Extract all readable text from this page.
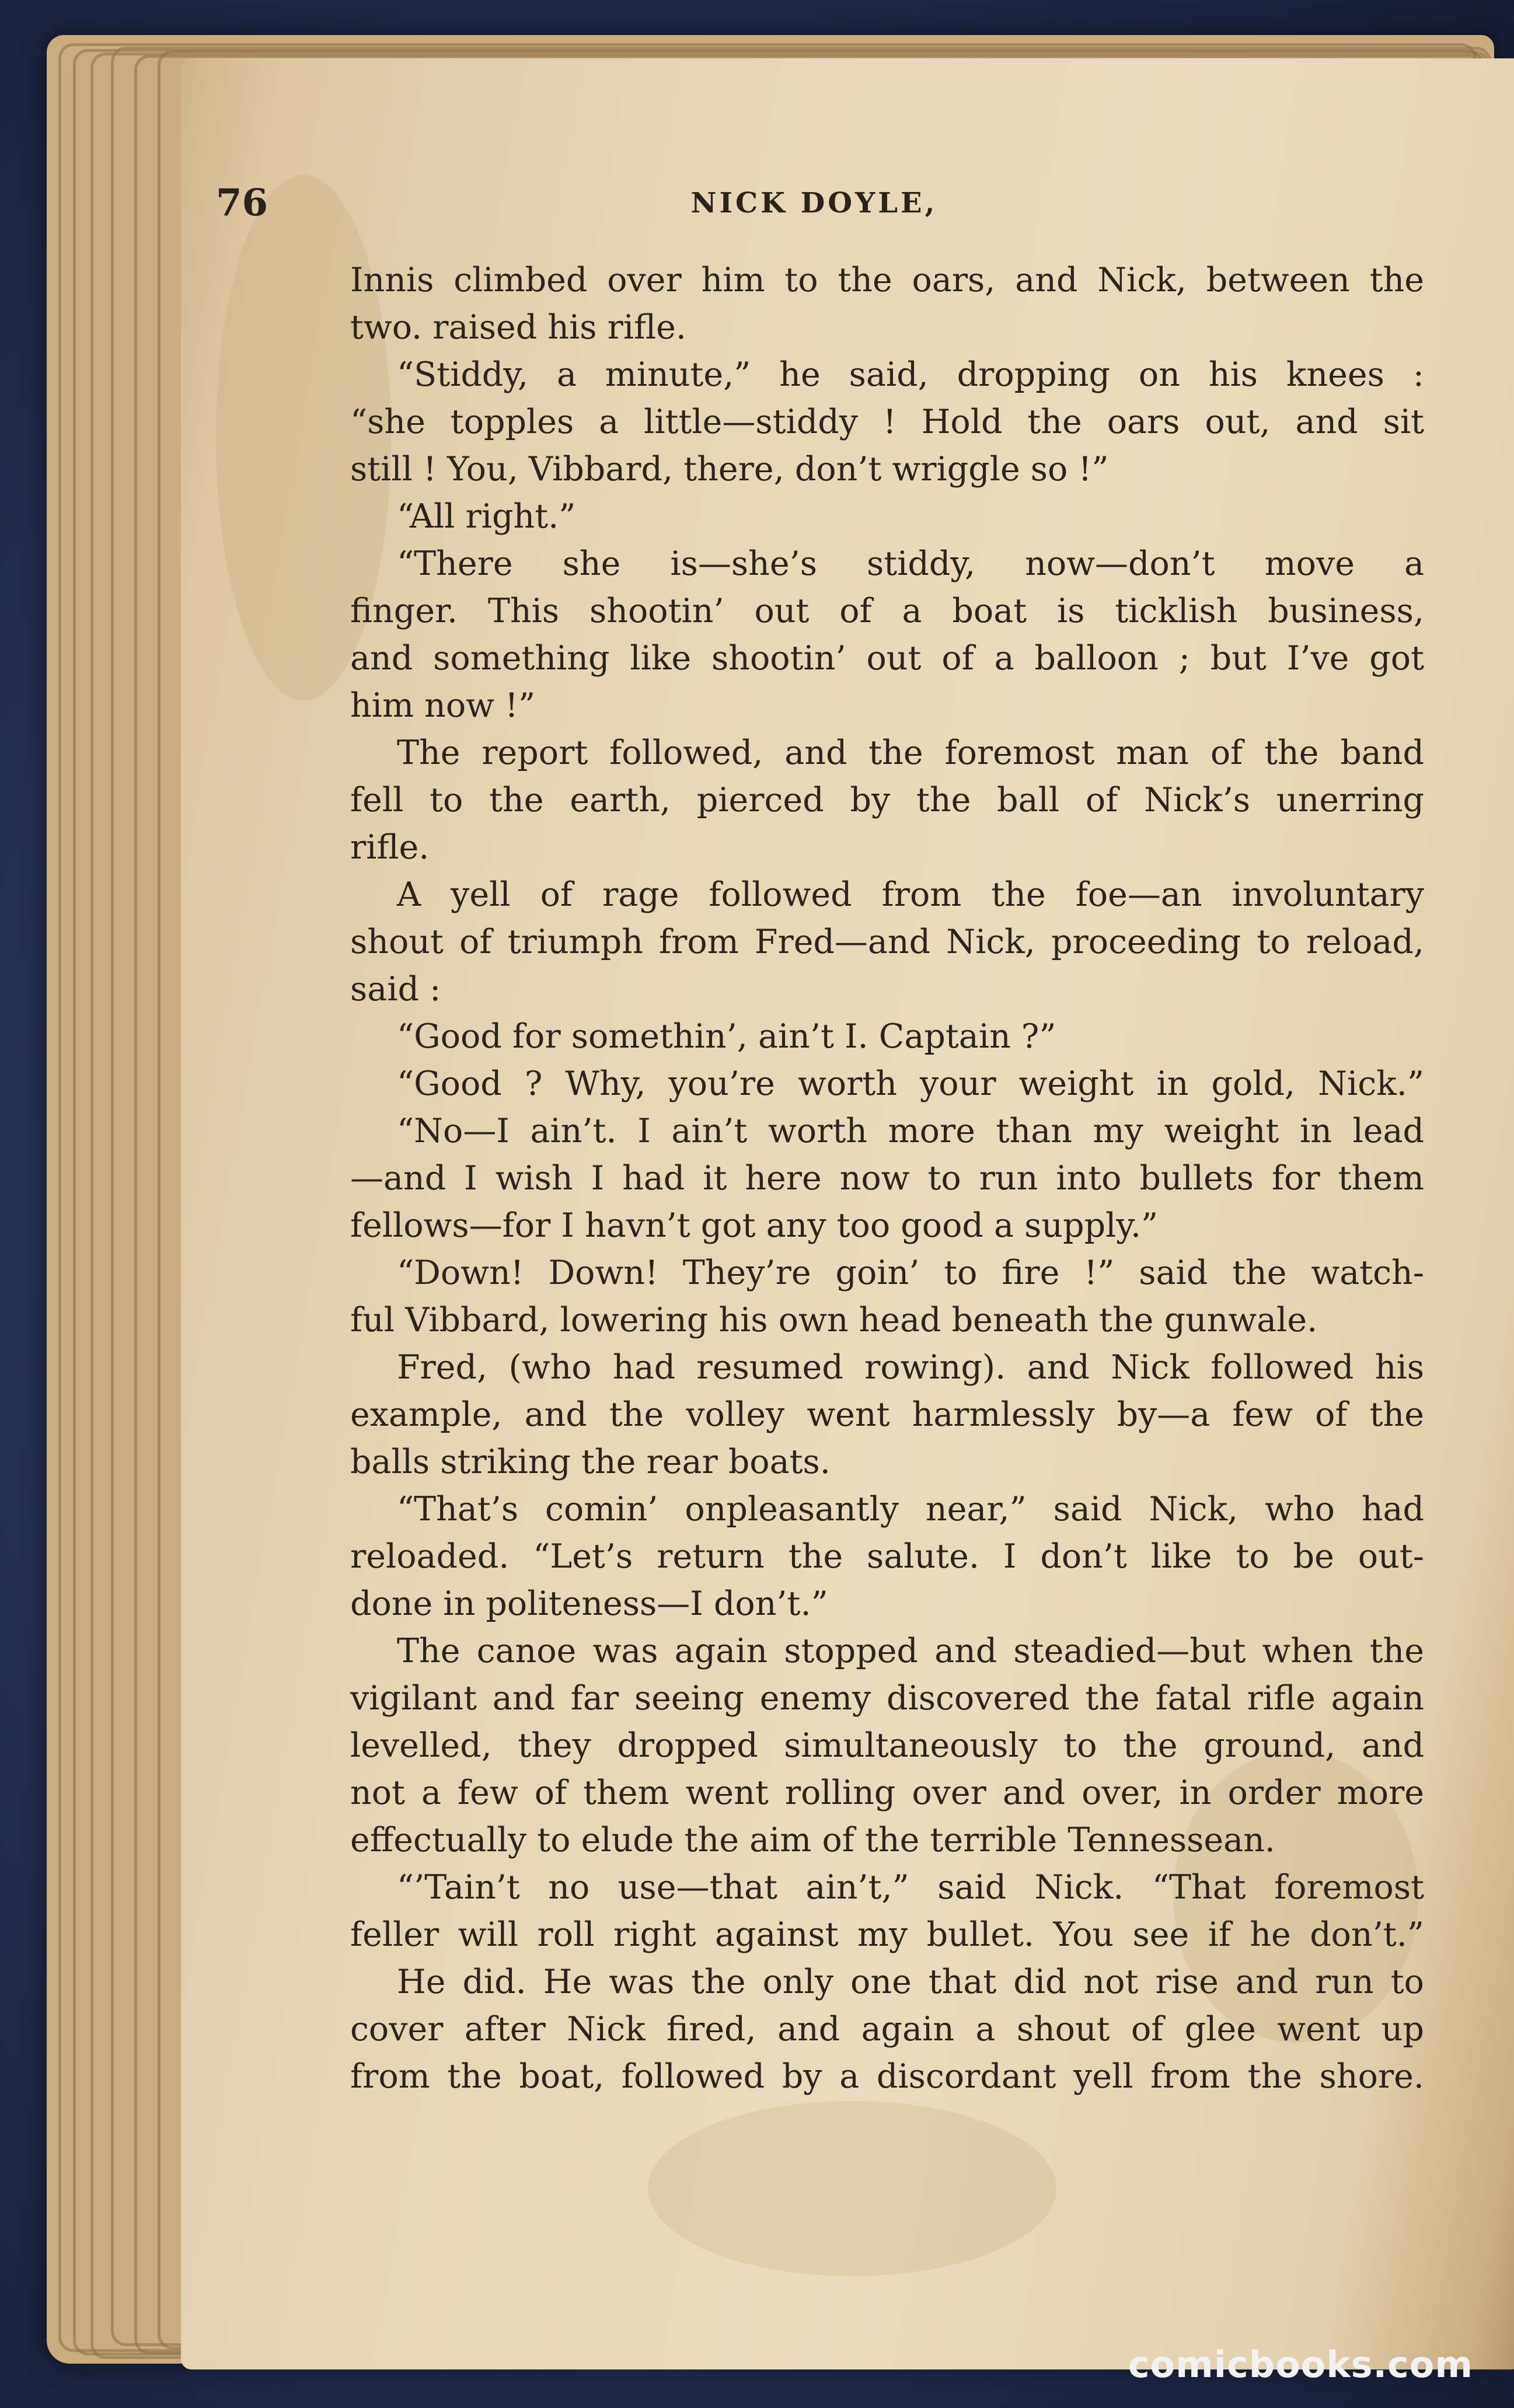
76	NICK DOYLE,
Innis climbed over him to the oars, and Nick, between the
two. raised his rifle.
“Stiddy, a minute,” he said, dropping on his knees :
“she topples a little—stiddy ! Hold the oars out, and sit
still ! You, Vibbard, there, don’t wriggle so !”
“All right.”
“There she is—she’s stiddy, now—don’t move a
finger. This shootin’ out of a boat is ticklish business,
and something like shootin’ out of a balloon ; but I’ve got
him now !”
The report followed, and the foremost man of the band
fell to the earth, pierced by the ball of Nick’s unerring
rifle.
A yell of rage followed from the foe—an involuntary
shout of triumph from Fred—and Nick, proceeding to reload,
said :
“Good for somethin’, ain’t I. Captain ?”
“Good ? Why, you’re worth your weight in gold, Nick.”
“No—I ain’t. I ain’t worth more than my weight in lead
—and I wish I had it here now to run into bullets for them
fellows—for I havn’t got any too good a supply.”
“Down! Down! They’re goin’ to fire !” said the watch-
ful Vibbard, lowering his own head beneath the gunwale.
Fred, (who had resumed rowing). and Nick followed his
example, and the volley went harmlessly by—a few of the
balls striking the rear boats.
“That’s comin’ onpleasantly near,” said Nick, who had
reloaded. “Let’s return the salute. I don’t like to be out-
done in politeness—I don’t.”
The canoe was again stopped and steadied—but when the
vigilant and far seeing enemy discovered the fatal rifle again
levelled, they dropped simultaneously to the ground, and
not a few of them went rolling over and over, in order more
effectually to elude the aim of the terrible Tennessean.
“’Tain’t no use—that ain’t,” said Nick. “That foremost
feller will roll right against my bullet. You see if he don’t.”
He did. He was the only one that did not rise and run to
cover after Nick fired, and again a shout of glee went up
from the boat, followed by a discordant yell from the shore.
comicbooks.com
